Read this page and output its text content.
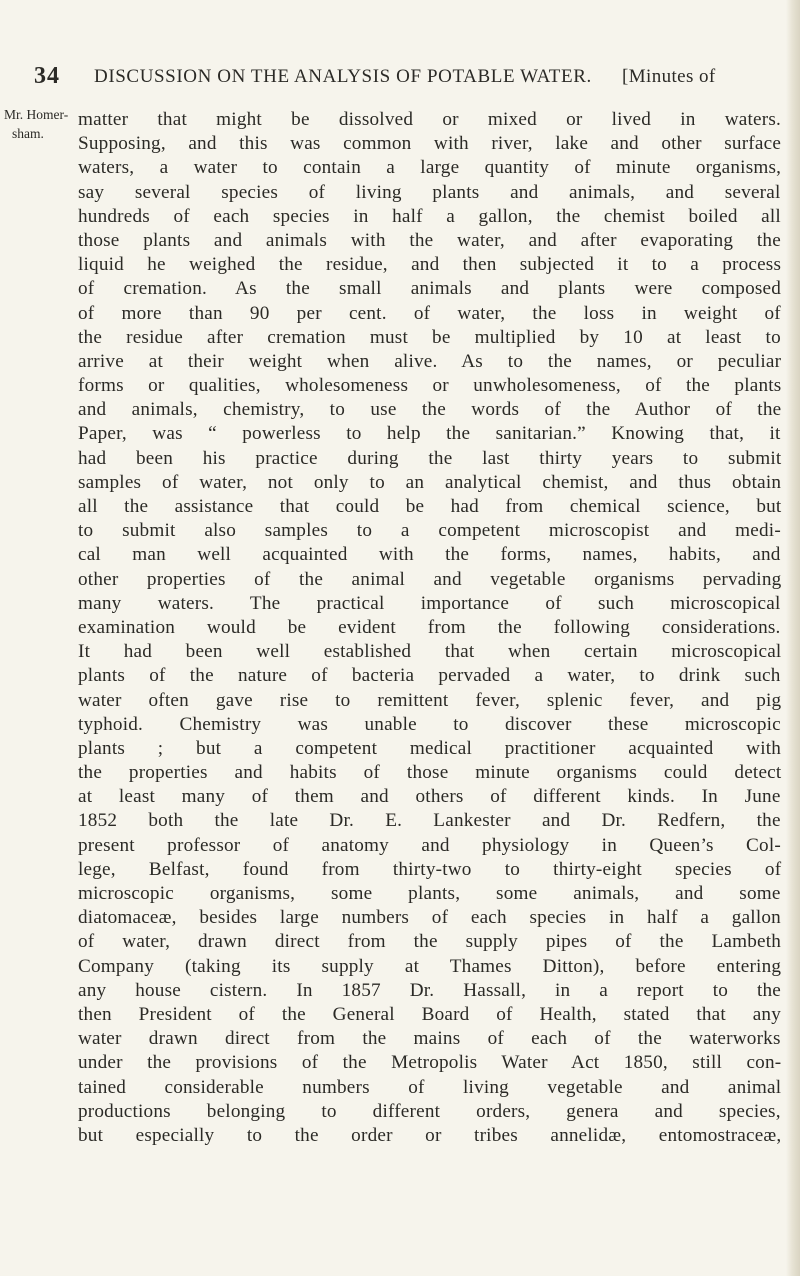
34 DISCUSSION ON THE ANALYSIS OF POTABLE WATER. [Minutes of
Mr. Homer-
sham.
matter that might be dissolved or mixed or lived in waters.
Supposing, and this was common with river, lake and other surface
waters, a water to contain a large quantity of minute organisms,
say several species of living plants and animals, and several
hundreds of each species in half a gallon, the chemist boiled all
those plants and animals with the water, and after evaporating the
liquid he weighed the residue, and then subjected it to a process
of cremation. As the small animals and plants were composed
of more than 90 per cent. of water, the loss in weight of
the residue after cremation must be multiplied by 10 at least to
arrive at their weight when alive. As to the names, or peculiar
forms or qualities, wholesomeness or unwholesomeness, of the plants
and animals, chemistry, to use the words of the Author of the
Paper, was “ powerless to help the sanitarian.” Knowing that, it
had been his practice during the last thirty years to submit
samples of water, not only to an analytical chemist, and thus obtain
all the assistance that could be had from chemical science, but
to submit also samples to a competent microscopist and medi-
cal man well acquainted with the forms, names, habits, and
other properties of the animal and vegetable organisms pervading
many waters. The practical importance of such microscopical
examination would be evident from the following considerations.
It had been well established that when certain microscopical
plants of the nature of bacteria pervaded a water, to drink such
water often gave rise to remittent fever, splenic fever, and pig
typhoid. Chemistry was unable to discover these microscopic
plants ; but a competent medical practitioner acquainted with
the properties and habits of those minute organisms could detect
at least many of them and others of different kinds. In June
1852 both the late Dr. E. Lankester and Dr. Redfern, the
present professor of anatomy and physiology in Queen’s Col-
lege, Belfast, found from thirty-two to thirty-eight species of
microscopic organisms, some plants, some animals, and some
diatomaceæ, besides large numbers of each species in half a gallon
of water, drawn direct from the supply pipes of the Lambeth
Company (taking its supply at Thames Ditton), before entering
any house cistern. In 1857 Dr. Hassall, in a report to the
then President of the General Board of Health, stated that any
water drawn direct from the mains of each of the waterworks
under the provisions of the Metropolis Water Act 1850, still con-
tained considerable numbers of living vegetable and animal
productions belonging to different orders, genera and species,
but especially to the order or tribes annelidæ, entomostraceæ,
